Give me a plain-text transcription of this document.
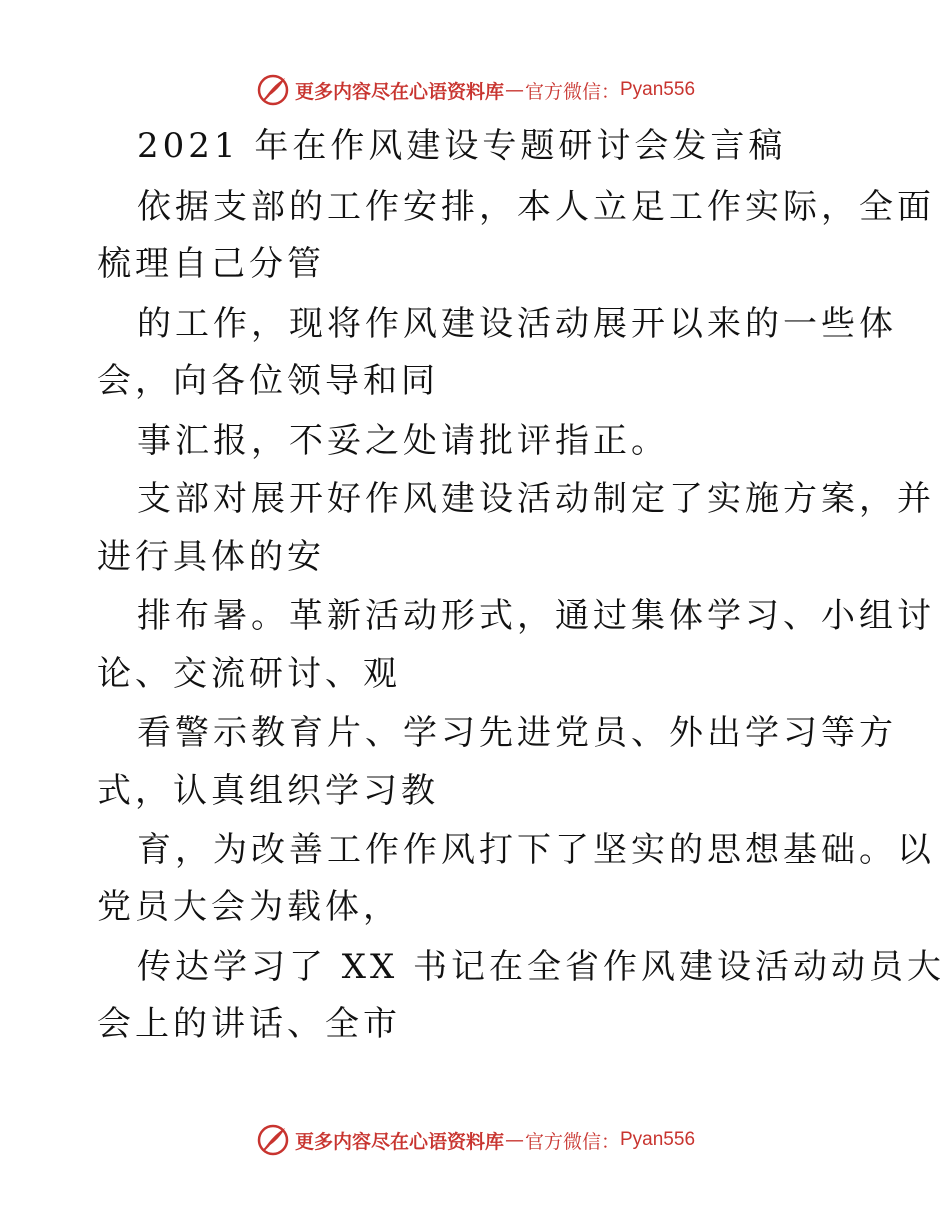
更多内容尽在心语资料库 — 官方微信： Pyan556
2021 年在作风建设专题研讨会发言稿
依据支部的工作安排，本人立足工作实际，全面
梳理自己分管
的工作，现将作风建设活动展开以来的一些体
会，向各位领导和同
事汇报，不妥之处请批评指正。
支部对展开好作风建设活动制定了实施方案，并
进行具体的安
排布暑。革新活动形式，通过集体学习、小组讨
论、交流研讨、观
看警示教育片、学习先进党员、外出学习等方
式，认真组织学习教
育，为改善工作作风打下了坚实的思想基础。以
党员大会为载体，
传达学习了 XX 书记在全省作风建设活动动员大
会上的讲话、全市
更多内容尽在心语资料库 — 官方微信： Pyan556
